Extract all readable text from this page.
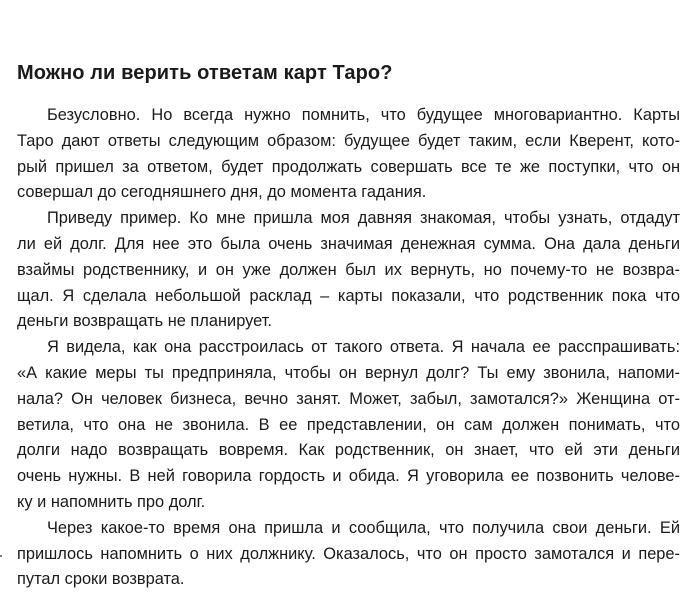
Можно ли верить ответам карт Таро?
Безусловно. Но всегда нужно помнить, что будущее многовариантно. Карты
Таро дают ответы следующим образом: будущее будет таким, если Кверент, кото-
рый пришел за ответом, будет продолжать совершать все те же поступки, что он
совершал до сегодняшнего дня, до момента гадания.
Приведу пример. Ко мне пришла моя давняя знакомая, чтобы узнать, отдадут
ли ей долг. Для нее это была очень значимая денежная сумма. Она дала деньги
взаймы родственнику, и он уже должен был их вернуть, но почему-то не возвра-
щал. Я сделала небольшой расклад – карты показали, что родственник пока что
деньги возвращать не планирует.
Я видела, как она расстроилась от такого ответа. Я начала ее расспрашивать:
«А какие меры ты предприняла, чтобы он вернул долг? Ты ему звонила, напоми-
нала? Он человек бизнеса, вечно занят. Может, забыл, замотался?» Женщина от-
ветила, что она не звонила. В ее представлении, он сам должен понимать, что
долги надо возвращать вовремя. Как родственник, он знает, что ей эти деньги
очень нужны. В ней говорила гордость и обида. Я уговорила ее позвонить челове-
ку и напомнить про долг.
Через какое-то время она пришла и сообщила, что получила свои деньги. Ей
пришлось напомнить о них должнику. Оказалось, что он просто замотался и пере-
путал сроки возврата.
